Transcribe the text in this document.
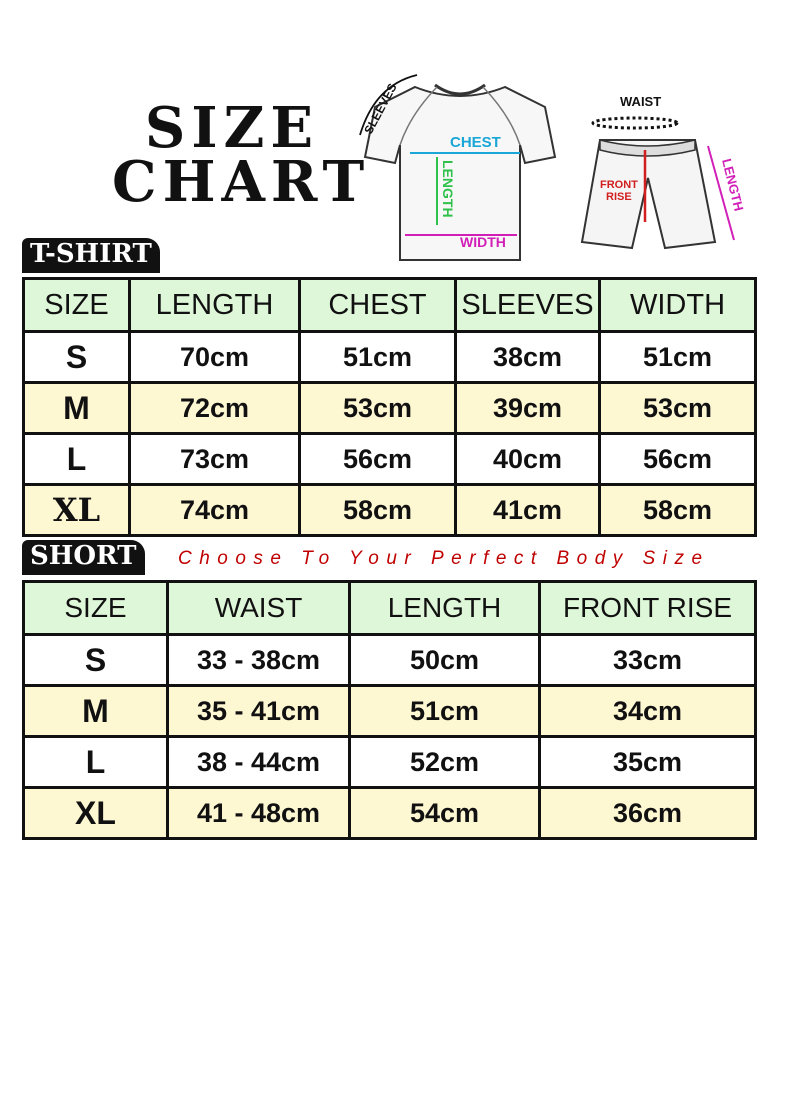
SIZE
CHART
SLEEVES
CHEST
LENGTH
WIDTH
WAIST
FRONT
RISE	LENGTH
T-SHIRT
SIZE	LENGTH	CHEST	SLEEVES	WIDTH
S	70cm	51cm	38cm	51cm
M	72cm	53cm	39cm	53cm
L	73cm	56cm	40cm	56cm
XL	74cm	58cm	41cm	58cm
SHORT	Choose To Your Perfect Body Size
SIZE	WAIST	LENGTH	FRONT RISE
S	33 - 38cm	50cm	33cm
M	35 - 41cm	51cm	34cm
L	38 - 44cm	52cm	35cm
XL	41 - 48cm	54cm	36cm
